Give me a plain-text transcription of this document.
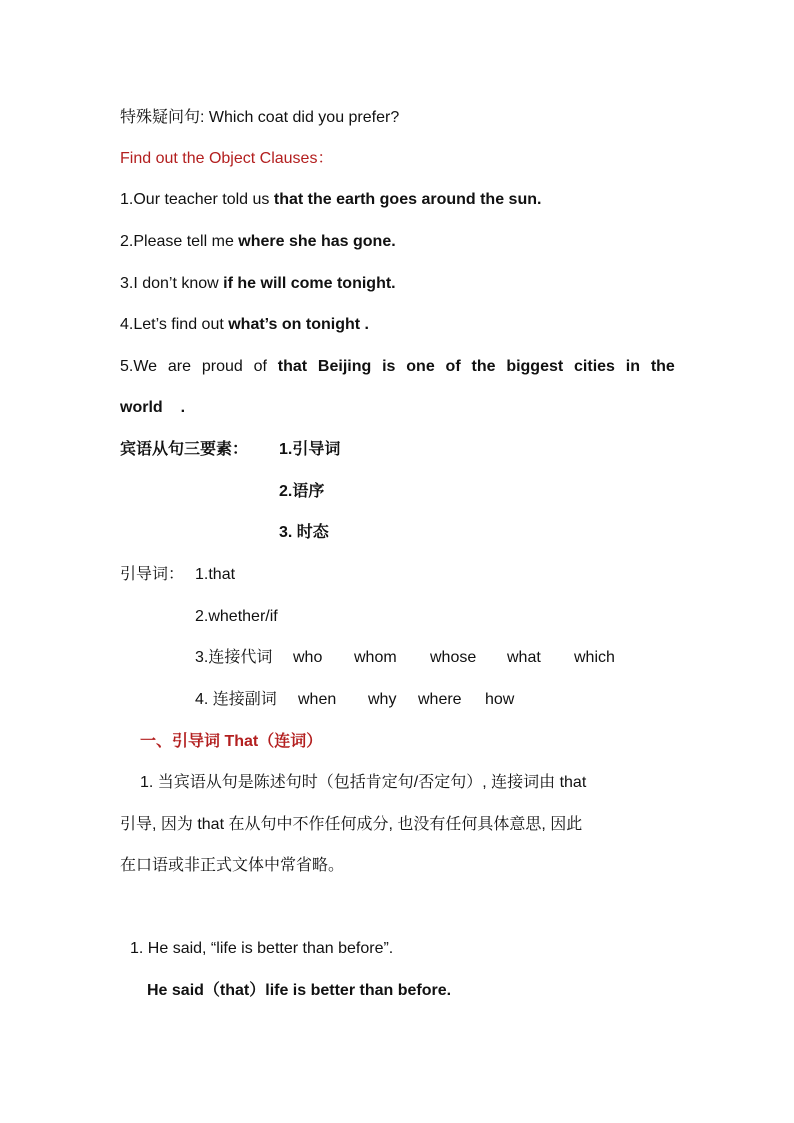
特殊疑问句: Which coat did you prefer?
Find out the Object Clauses：
1.Our teacher told us that the earth goes around the sun.
2.Please tell me where she has gone.
3.I don’t know if he will come tonight.
4.Let’s find out what’s on tonight .
5.We are proud of that Beijing is one of the biggest cities in the
world .
宾语从句三要素： 1.引导词
2.语序
3. 时态
引导词： 1.that
2.whether/if
3.连接代词 who whom whose what which
4. 连接副词 when why where how
一、引导词 That（连词）
1. 当宾语从句是陈述句时（包括肯定句/否定句）, 连接词由 that
引导, 因为 that 在从句中不作任何成分, 也没有任何具体意思, 因此
在口语或非正式文体中常省略。
1. He said, “life is better than before”.
He said（that）life is better than before.
